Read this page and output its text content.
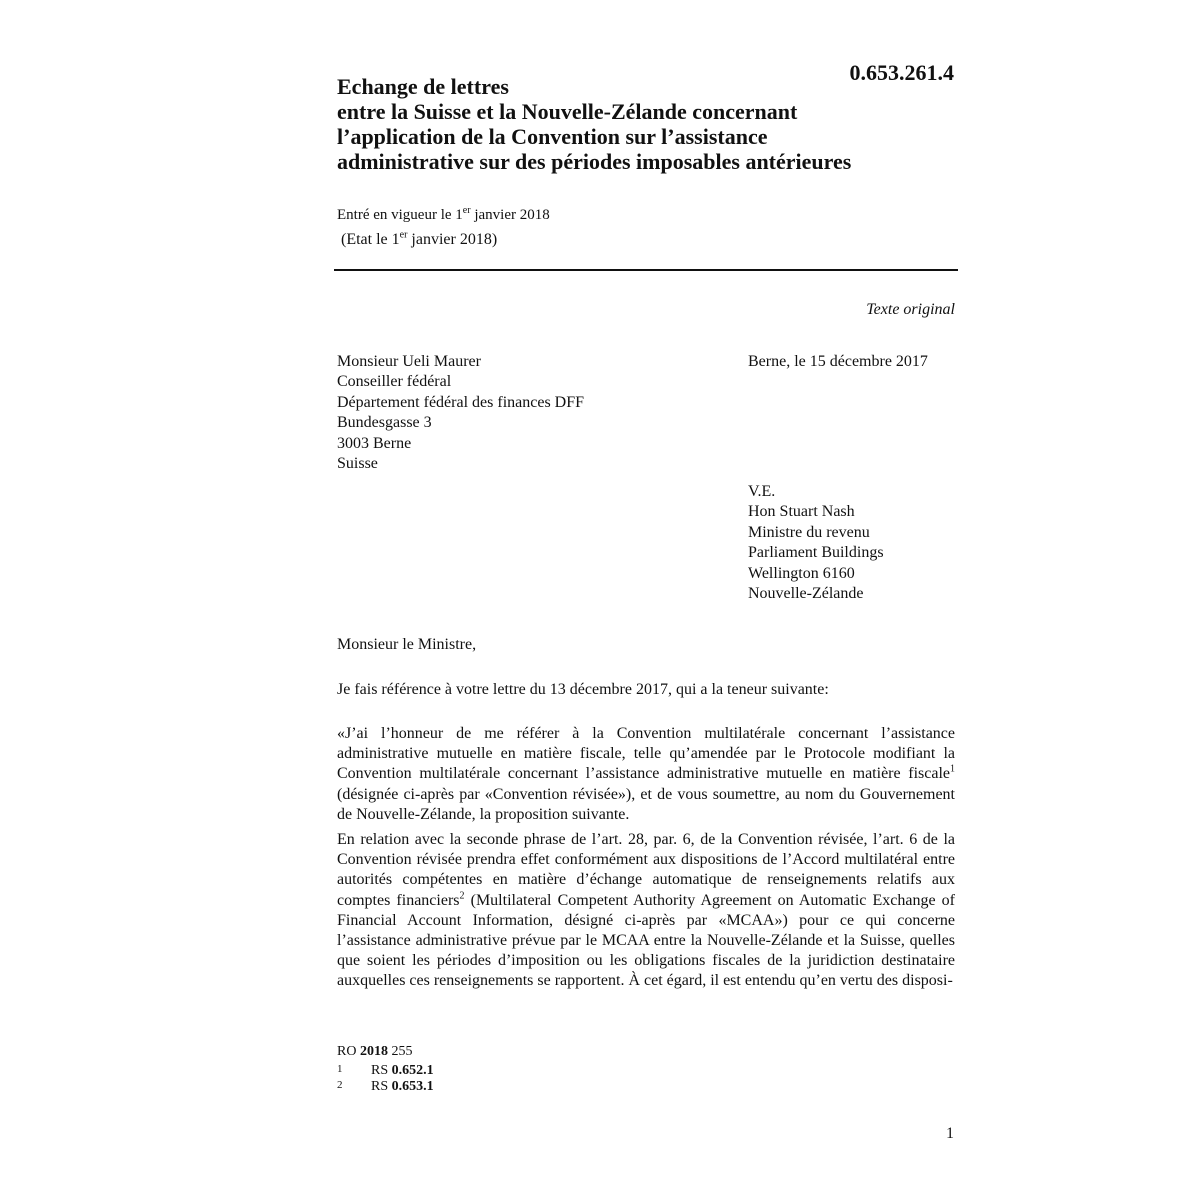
0.653.261.4
Echange de lettres
entre la Suisse et la Nouvelle-Zélande concernant
l’application de la Convention sur l’assistance
administrative sur des périodes imposables antérieures
Entré en vigueur le 1er janvier 2018
(Etat le 1er janvier 2018)
Texte original
Monsieur Ueli Maurer
Conseiller fédéral
Département fédéral des finances DFF
Bundesgasse 3
3003 Berne
Suisse
Berne, le 15 décembre 2017
V.E.
Hon Stuart Nash
Ministre du revenu
Parliament Buildings
Wellington 6160
Nouvelle-Zélande
Monsieur le Ministre,
Je fais référence à votre lettre du 13 décembre 2017, qui a la teneur suivante:

«J’ai l’honneur de me référer à la Convention multilatérale concernant l’assistance administrative mutuelle en matière fiscale, telle qu’amendée par le Protocole modifiant la Convention multilatérale concernant l’assistance administrative mutuelle en matière fiscale$^1$ (désignée ci-après par «Convention révisée»), et de vous soumettre, au nom du Gouvernement de Nouvelle-Zélande, la proposition suivante.

En relation avec la seconde phrase de l’art. 28, par. 6, de la Convention révisée, l’art. 6 de la Convention révisée prendra effet conformément aux dispositions de l’Accord multilatéral entre autorités compétentes en matière d’échange automatique de renseignements relatifs aux comptes financiers$^2$ (Multilateral Competent Authority Agreement on Automatic Exchange of Financial Account Information, désigné ci-après par «MCAA») pour ce qui concerne l’assistance administrative prévue par le MCAA entre la Nouvelle-Zélande et la Suisse, quelles que soient les périodes d’imposition ou les obligations fiscales de la juridiction destinataire auxquelles ces renseignements se rapportent. À cet égard, il est entendu qu’en vertu des disposi-

RO 2018 255
1 RS 0.652.1
2 RS 0.653.1
1
